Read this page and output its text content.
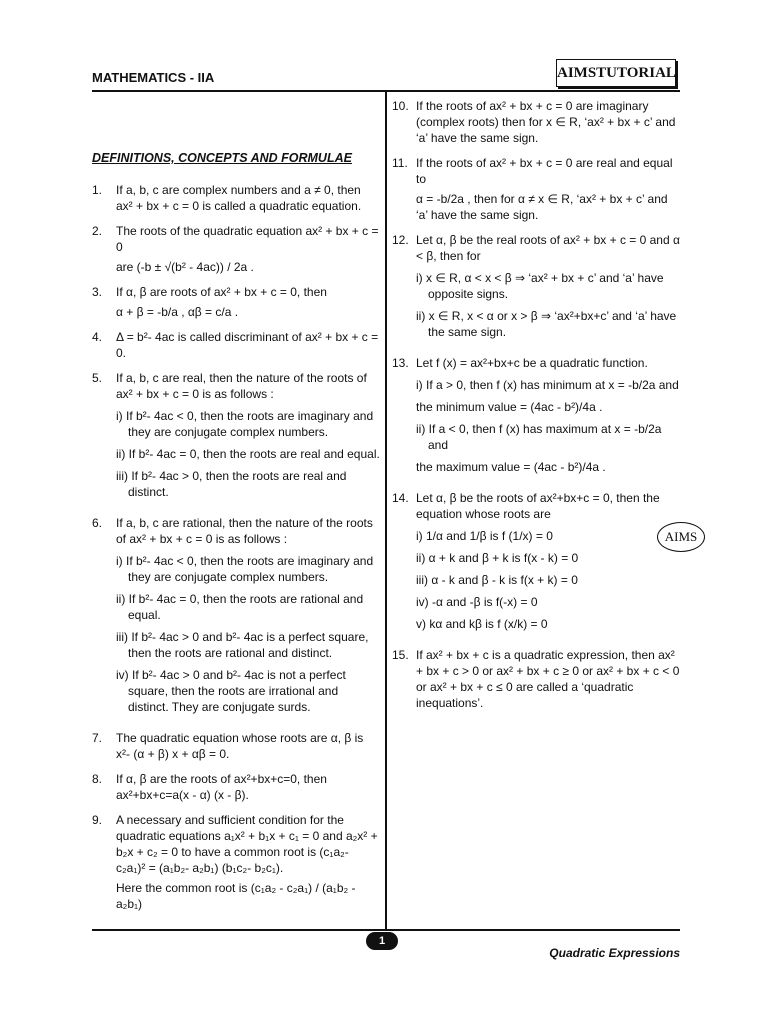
MATHEMATICS - IIA	AIMSTUTORIAL
DEFINITIONS, CONCEPTS AND FORMULAE
1.	If a, b, c are complex numbers and a ≠ 0, then ax² + bx + c = 0 is called a quadratic equation.
2.	The roots of the quadratic equation ax² + bx + c = 0
are (-b ± √(b² - 4ac)) / 2a .
3.	If α, β are roots of ax² + bx + c = 0, then
α + β = -b/a , αβ = c/a .
4.	Δ = b²- 4ac is called discriminant of ax² + bx + c = 0.
5.	If a, b, c are real, then the nature of the roots of ax² + bx + c = 0 is as follows :
i) If b²- 4ac < 0, then the roots are imaginary and they are conjugate complex numbers.
ii) If b²- 4ac = 0, then the roots are real and equal.
iii) If b²- 4ac > 0, then the roots are real and distinct.
6.	If a, b, c are rational, then the nature of the roots of ax² + bx + c = 0 is as follows :
i) If b²- 4ac < 0, then the roots are imaginary and they are conjugate complex numbers.
ii) If b²- 4ac = 0, then the roots are rational and equal.
iii) If b²- 4ac > 0 and b²- 4ac is a perfect square, then the roots are rational and distinct.
iv) If b²- 4ac > 0 and b²- 4ac is not a perfect square, then the roots are irrational and distinct. They are conjugate surds.
7.	The quadratic equation whose roots are α, β is x²- (α + β) x + αβ = 0.
8.	If α, β are the roots of ax²+bx+c=0, then ax²+bx+c=a(x - α) (x - β).
9.	A necessary and sufficient condition for the quadratic equations a₁x² + b₁x + c₁ = 0 and a₂x² + b₂x + c₂ = 0 to have a common root is (c₁a₂- c₂a₁)² = (a₁b₂- a₂b₁) (b₁c₂- b₂c₁).
Here the common root is (c₁a₂ - c₂a₁) / (a₁b₂ - a₂b₁)
10. If the roots of ax² + bx + c = 0 are imaginary (complex roots) then for x ∈ R, ‘ax² + bx + c’ and ‘a’ have the same sign.
11. If the roots of ax² + bx + c = 0 are real and equal to
α = -b/2a , then for α ≠ x ∈ R, ‘ax² + bx + c’ and ‘a’ have the same sign.
12. Let α, β be the real roots of ax² + bx + c = 0 and α < β, then for
i) x ∈ R, α < x < β ⇒ ‘ax² + bx + c’ and ‘a’ have opposite signs.
ii) x ∈ R, x < α or x > β ⇒ ‘ax²+bx+c’ and ‘a’ have the same sign.
13. Let f (x) = ax²+bx+c be a quadratic function.
i) If a > 0, then f (x) has minimum at x = -b/2a and
the minimum value = (4ac - b²)/4a .
ii) If a < 0, then f (x) has maximum at x = -b/2a and
the maximum value = (4ac - b²)/4a .
14. Let α, β be the roots of ax²+bx+c = 0, then the equation whose roots are
i) 1/α and 1/β is f (1/x) = 0
ii) α + k and β + k is f(x - k) = 0
iii) α - k and β - k is f(x + k) = 0
iv) -α and -β is f(-x) = 0
v) kα and kβ is f (x/k) = 0
15. If ax² + bx + c is a quadratic expression, then ax² + bx + c > 0 or ax² + bx + c ≥ 0 or ax² + bx + c < 0 or ax² + bx + c ≤ 0 are called a ‘quadratic inequations’.
AIMS
1
Quadratic Expressions
